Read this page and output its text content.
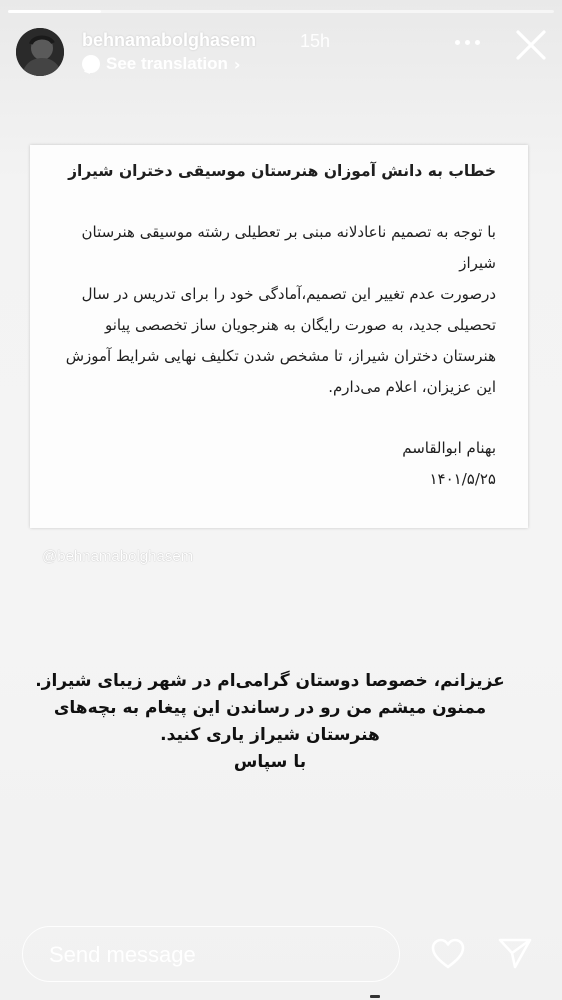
behnamabolghasem 15h
See translation ›
خطاب به دانش آموزان هنرستان موسیقی دختران شیراز

با توجه به تصمیم ناعادلانه مبنی بر تعطیلی رشته موسیقی هنرستان شیراز

درصورت عدم تغییر این تصمیم،آمادگی خود را برای تدریس در سال تحصیلی جدید، به صورت رایگان به هنرجویان ساز تخصصی پیانو هنرستان دختران شیراز، تا مشخص شدن تکلیف نهایی شرایط آموزش این عزیزان، اعلام می‌دارم.

بهنام ابوالقاسم
۱۴۰۱/۵/۲۵
@behnamabolghasem

عزیزانم، خصوصا دوستان گرامی‌ام در شهر زیبای شیراز.

ممنون میشم من رو در رساندن این پیغام به بچه‌های

هنرستان شیراز یاری کنید.

با سپاس

Send message
